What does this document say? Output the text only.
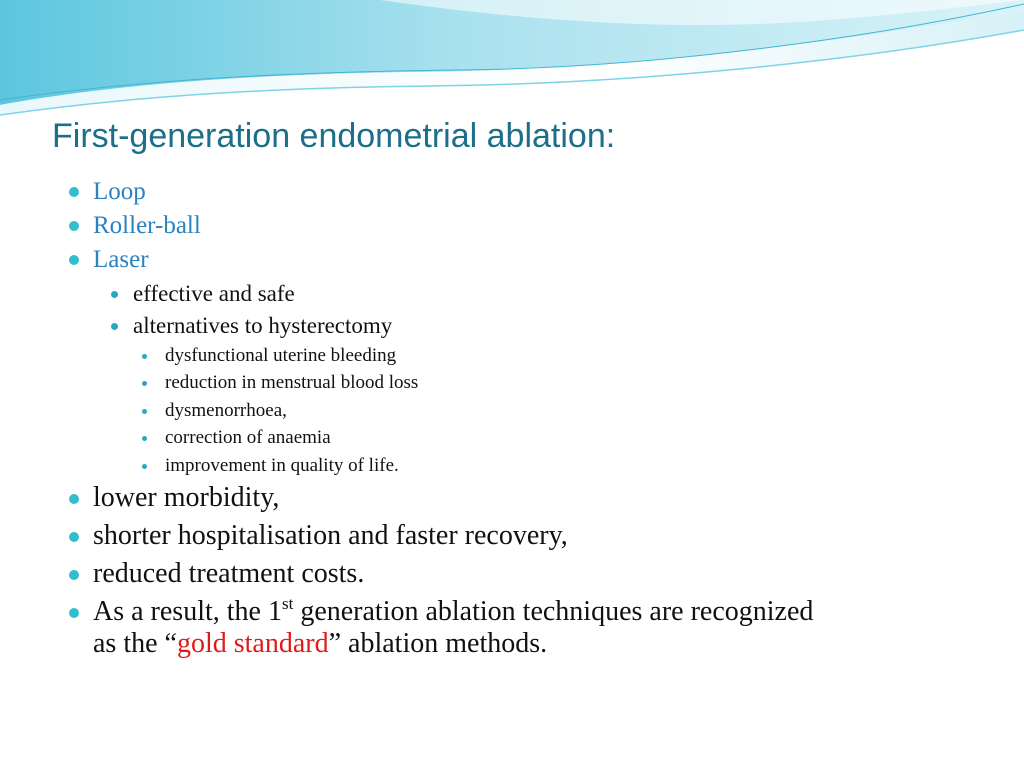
First-generation endometrial ablation:
Loop
Roller-ball
Laser
effective and safe
alternatives to hysterectomy
dysfunctional uterine bleeding
reduction in menstrual blood loss
dysmenorrhoea,
correction of anaemia
improvement in quality of life.
lower morbidity,
shorter hospitalisation and faster recovery,
reduced treatment costs.
As a result, the 1st generation ablation techniques are recognized
as the “gold standard” ablation methods.
